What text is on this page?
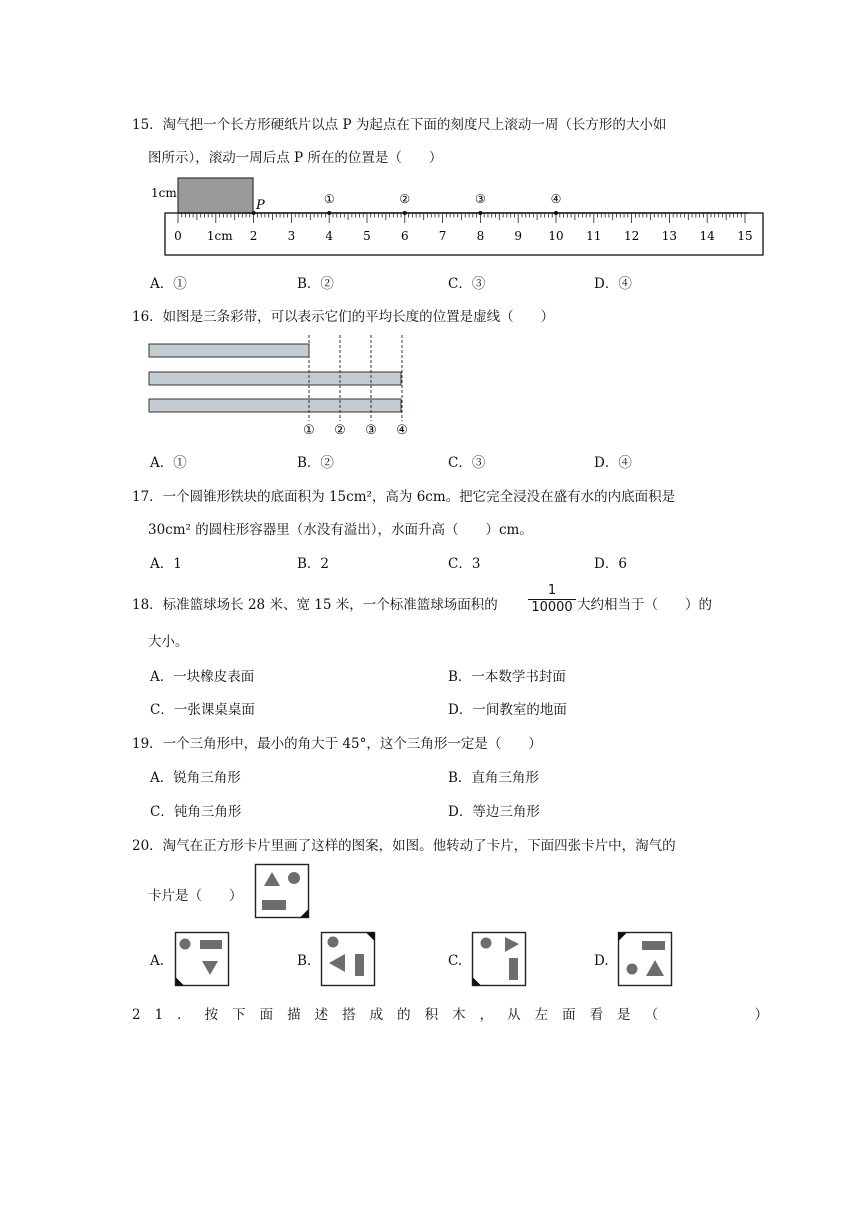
15．淘气把一个长方形硬纸片以点 P 为起点在下面的刻度尺上滚动一周（长方形的大小如
图所示），滚动一周后点 P 所在的位置是（　　）
1cm
P
0 1cm 2	3	4	5	6	7	8	9 10 11 12 13 14 15
①	②	③	④
A．①	B．②	C．③	D．④
16．如图是三条彩带，可以表示它们的平均长度的位置是虚线（　　）
① ② ③ ④
A．①	B．②	C．③	D．④
17．一个圆锥形铁块的底面积为 15cm²，高为 6cm。把它完全浸没在盛有水的内底面积是
30cm² 的圆柱形容器里（水没有溢出），水面升高（　　）cm。
A．1	B．2	C．3	D．6
18．标准篮球场长 28 米、宽 15 米，一个标准篮球场面积的
1
10000 大约相当于（　　）的
大小。
A．一块橡皮表面	B．一本数学书封面
C．一张课桌桌面	D．一间教室的地面
19．一个三角形中，最小的角大于 45°，这个三角形一定是（　　）
A．锐角三角形	B．直角三角形
C．钝角三角形	D．等边三角形
20．淘气在正方形卡片里画了这样的图案，如图。他转动了卡片，下面四张卡片中，淘气的
卡片是（　　）
A.	B.	C.	D.
21．按下面描述搭成的积木，从左面看是（　　　）
